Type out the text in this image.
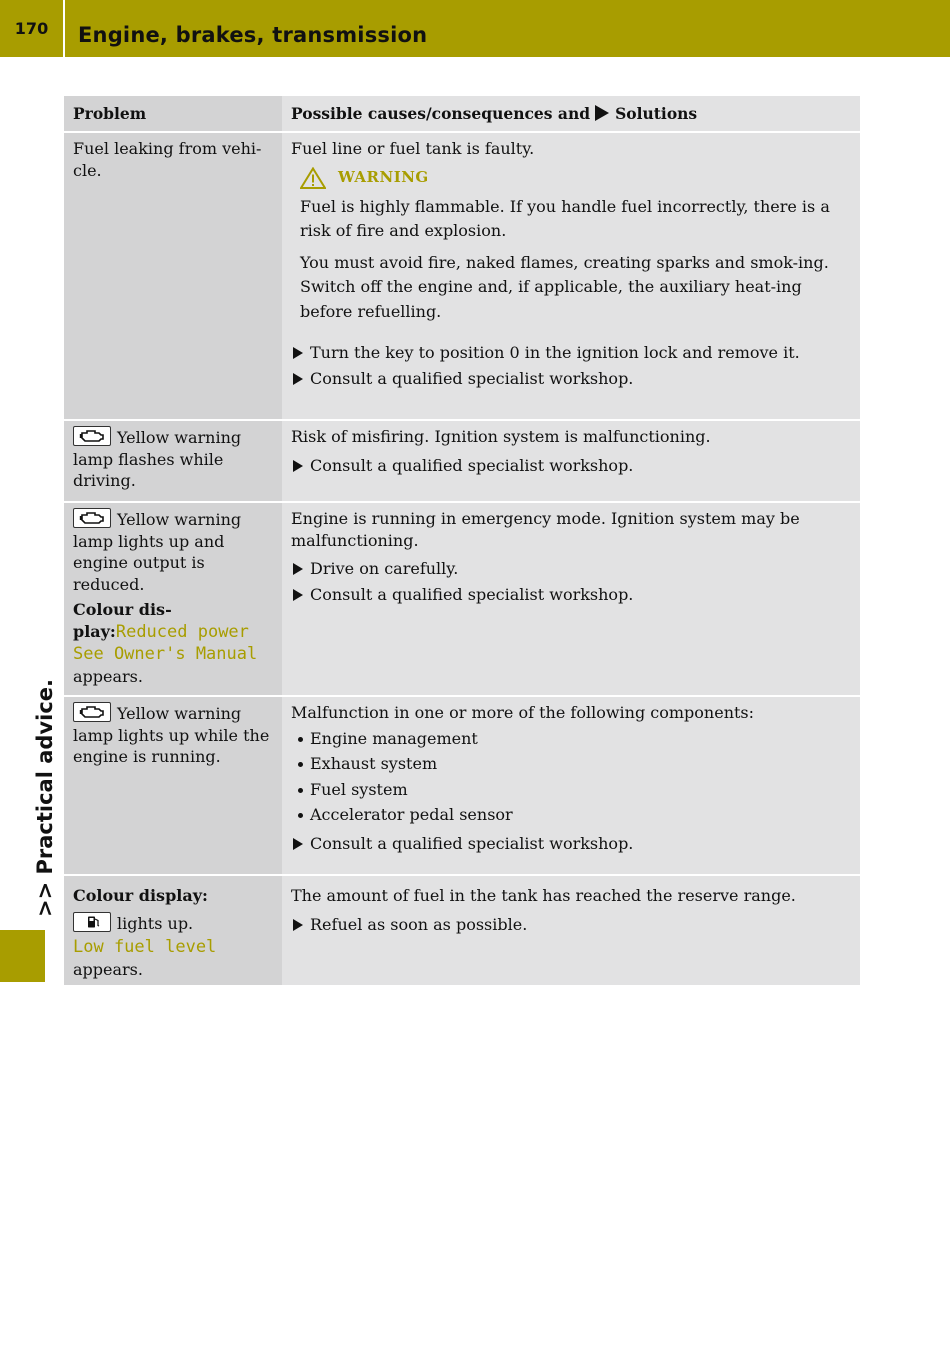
170	Engine, brakes, transmission
>> Practical advice.
Problem	Possible causes/consequences and Solutions
Fuel leaking from vehi-cle.
Fuel line or fuel tank is faulty.
WARNING
Fuel is highly flammable. If you handle fuel incorrectly, there is a risk of fire and explosion.
You must avoid fire, naked flames, creating sparks and smok-ing. Switch off the engine and, if applicable, the auxiliary heat-ing before refuelling.
Turn the key to position 0 in the ignition lock and remove it.
Consult a qualified specialist workshop.
Yellow warning lamp flashes while driving.
Risk of misfiring. Ignition system is malfunctioning.
Consult a qualified specialist workshop.
Yellow warning lamp lights up and engine output is reduced.
Colour dis-play:Reduced power See Owner's Manual appears.
Engine is running in emergency mode. Ignition system may be malfunctioning.
Drive on carefully.
Consult a qualified specialist workshop.
Yellow warning lamp lights up while the engine is running.
Malfunction in one or more of the following components:
Engine management
Exhaust system
Fuel system
Accelerator pedal sensor
Consult a qualified specialist workshop.
Colour display:
lights up.
Low fuel level
appears.
The amount of fuel in the tank has reached the reserve range.
Refuel as soon as possible.
